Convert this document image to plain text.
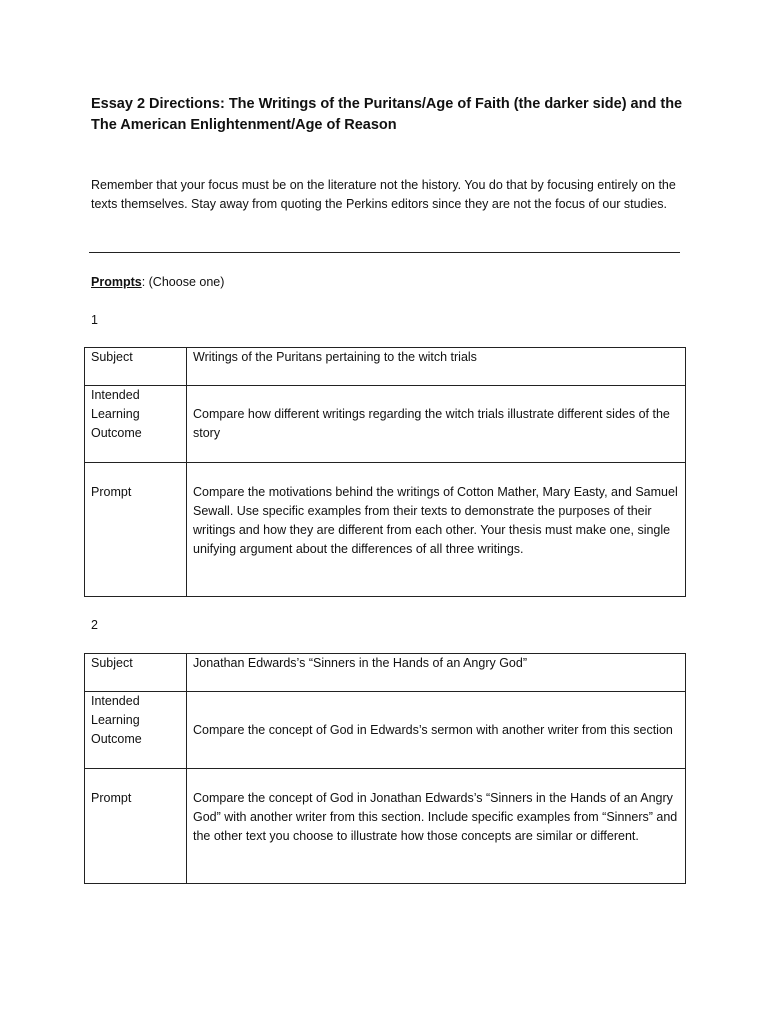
Essay 2 Directions: The Writings of the Puritans/Age of Faith (the darker side) and the The American Enlightenment/Age of Reason

Remember that your focus must be on the literature not the history. You do that by focusing entirely on the texts themselves. Stay away from quoting the Perkins editors since they are not the focus of our studies.

Prompts: (Choose one)
1
Subject	Writings of the Puritans pertaining to the witch trials
Intended Learning Outcome	Compare how different writings regarding the witch trials illustrate different sides of the story
Prompt	Compare the motivations behind the writings of Cotton Mather, Mary Easty, and Samuel Sewall. Use specific examples from their texts to demonstrate the purposes of their writings and how they are different from each other. Your thesis must make one, single unifying argument about the differences of all three writings.
2
Subject	Jonathan Edwards’s “Sinners in the Hands of an Angry God”
Intended Learning Outcome	Compare the concept of God in Edwards’s sermon with another writer from this section
Prompt	Compare the concept of God in Jonathan Edwards’s “Sinners in the Hands of an Angry God” with another writer from this section. Include specific examples from “Sinners” and the other text you choose to illustrate how those concepts are similar or different.
